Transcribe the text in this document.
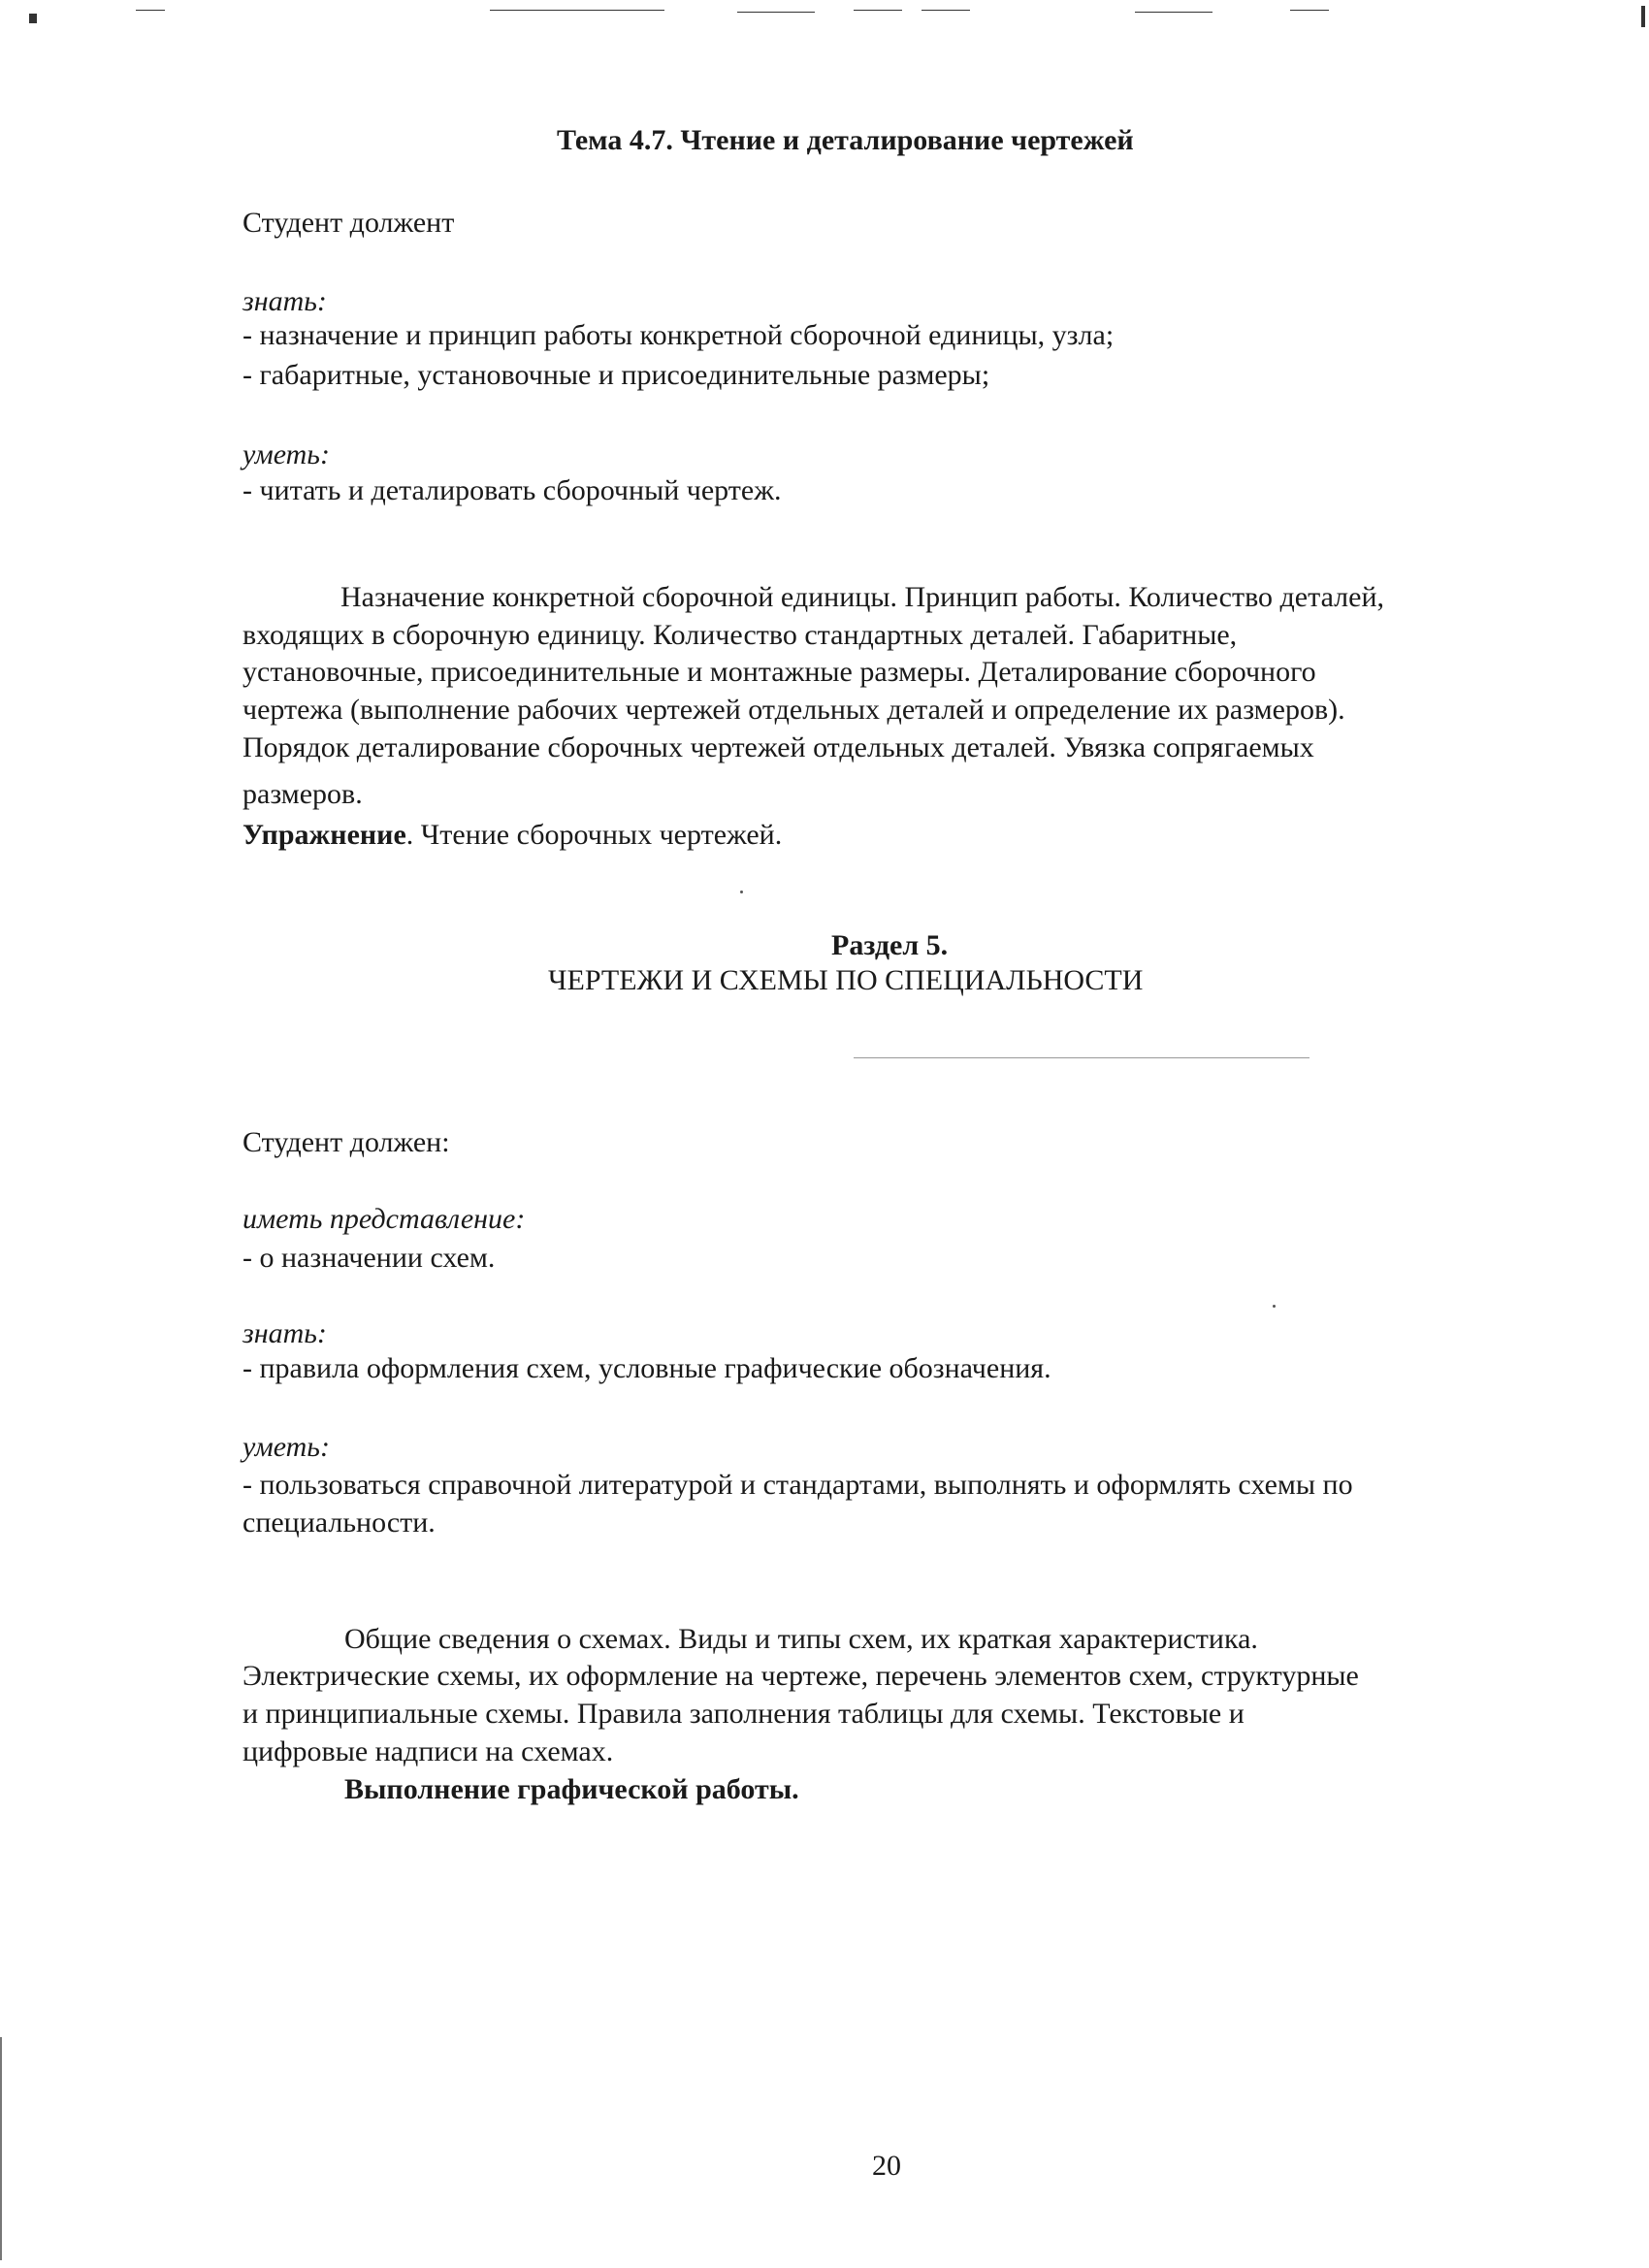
Тема 4.7. Чтение и деталирование чертежей
Студент должент
знать:
- назначение и принцип работы конкретной сборочной единицы, узла;
- габаритные, установочные и присоединительные размеры;
уметь:
- читать и деталировать сборочный чертеж.
Назначение конкретной сборочной единицы. Принцип работы. Количество деталей,
входящих в сборочную единицу. Количество стандартных деталей. Габаритные,
установочные, присоединительные и монтажные размеры. Деталирование сборочного
чертежа (выполнение рабочих чертежей отдельных деталей и определение их размеров).
Порядок деталирование сборочных чертежей отдельных деталей. Увязка сопрягаемых
размеров.
Упражнение. Чтение сборочных чертежей.
Раздел 5.
ЧЕРТЕЖИ И СХЕМЫ ПО СПЕЦИАЛЬНОСТИ
Студент должен:
иметь представление:
- о назначении схем.
знать:
- правила оформления схем, условные графические обозначения.
уметь:
- пользоваться справочной литературой и стандартами, выполнять и оформлять схемы по
специальности.
Общие сведения о схемах. Виды и типы схем, их краткая характеристика.
Электрические схемы, их оформление на чертеже, перечень элементов схем, структурные
и принципиальные схемы. Правила заполнения таблицы для схемы. Текстовые и
цифровые надписи на схемах.
Выполнение графической работы.
20
